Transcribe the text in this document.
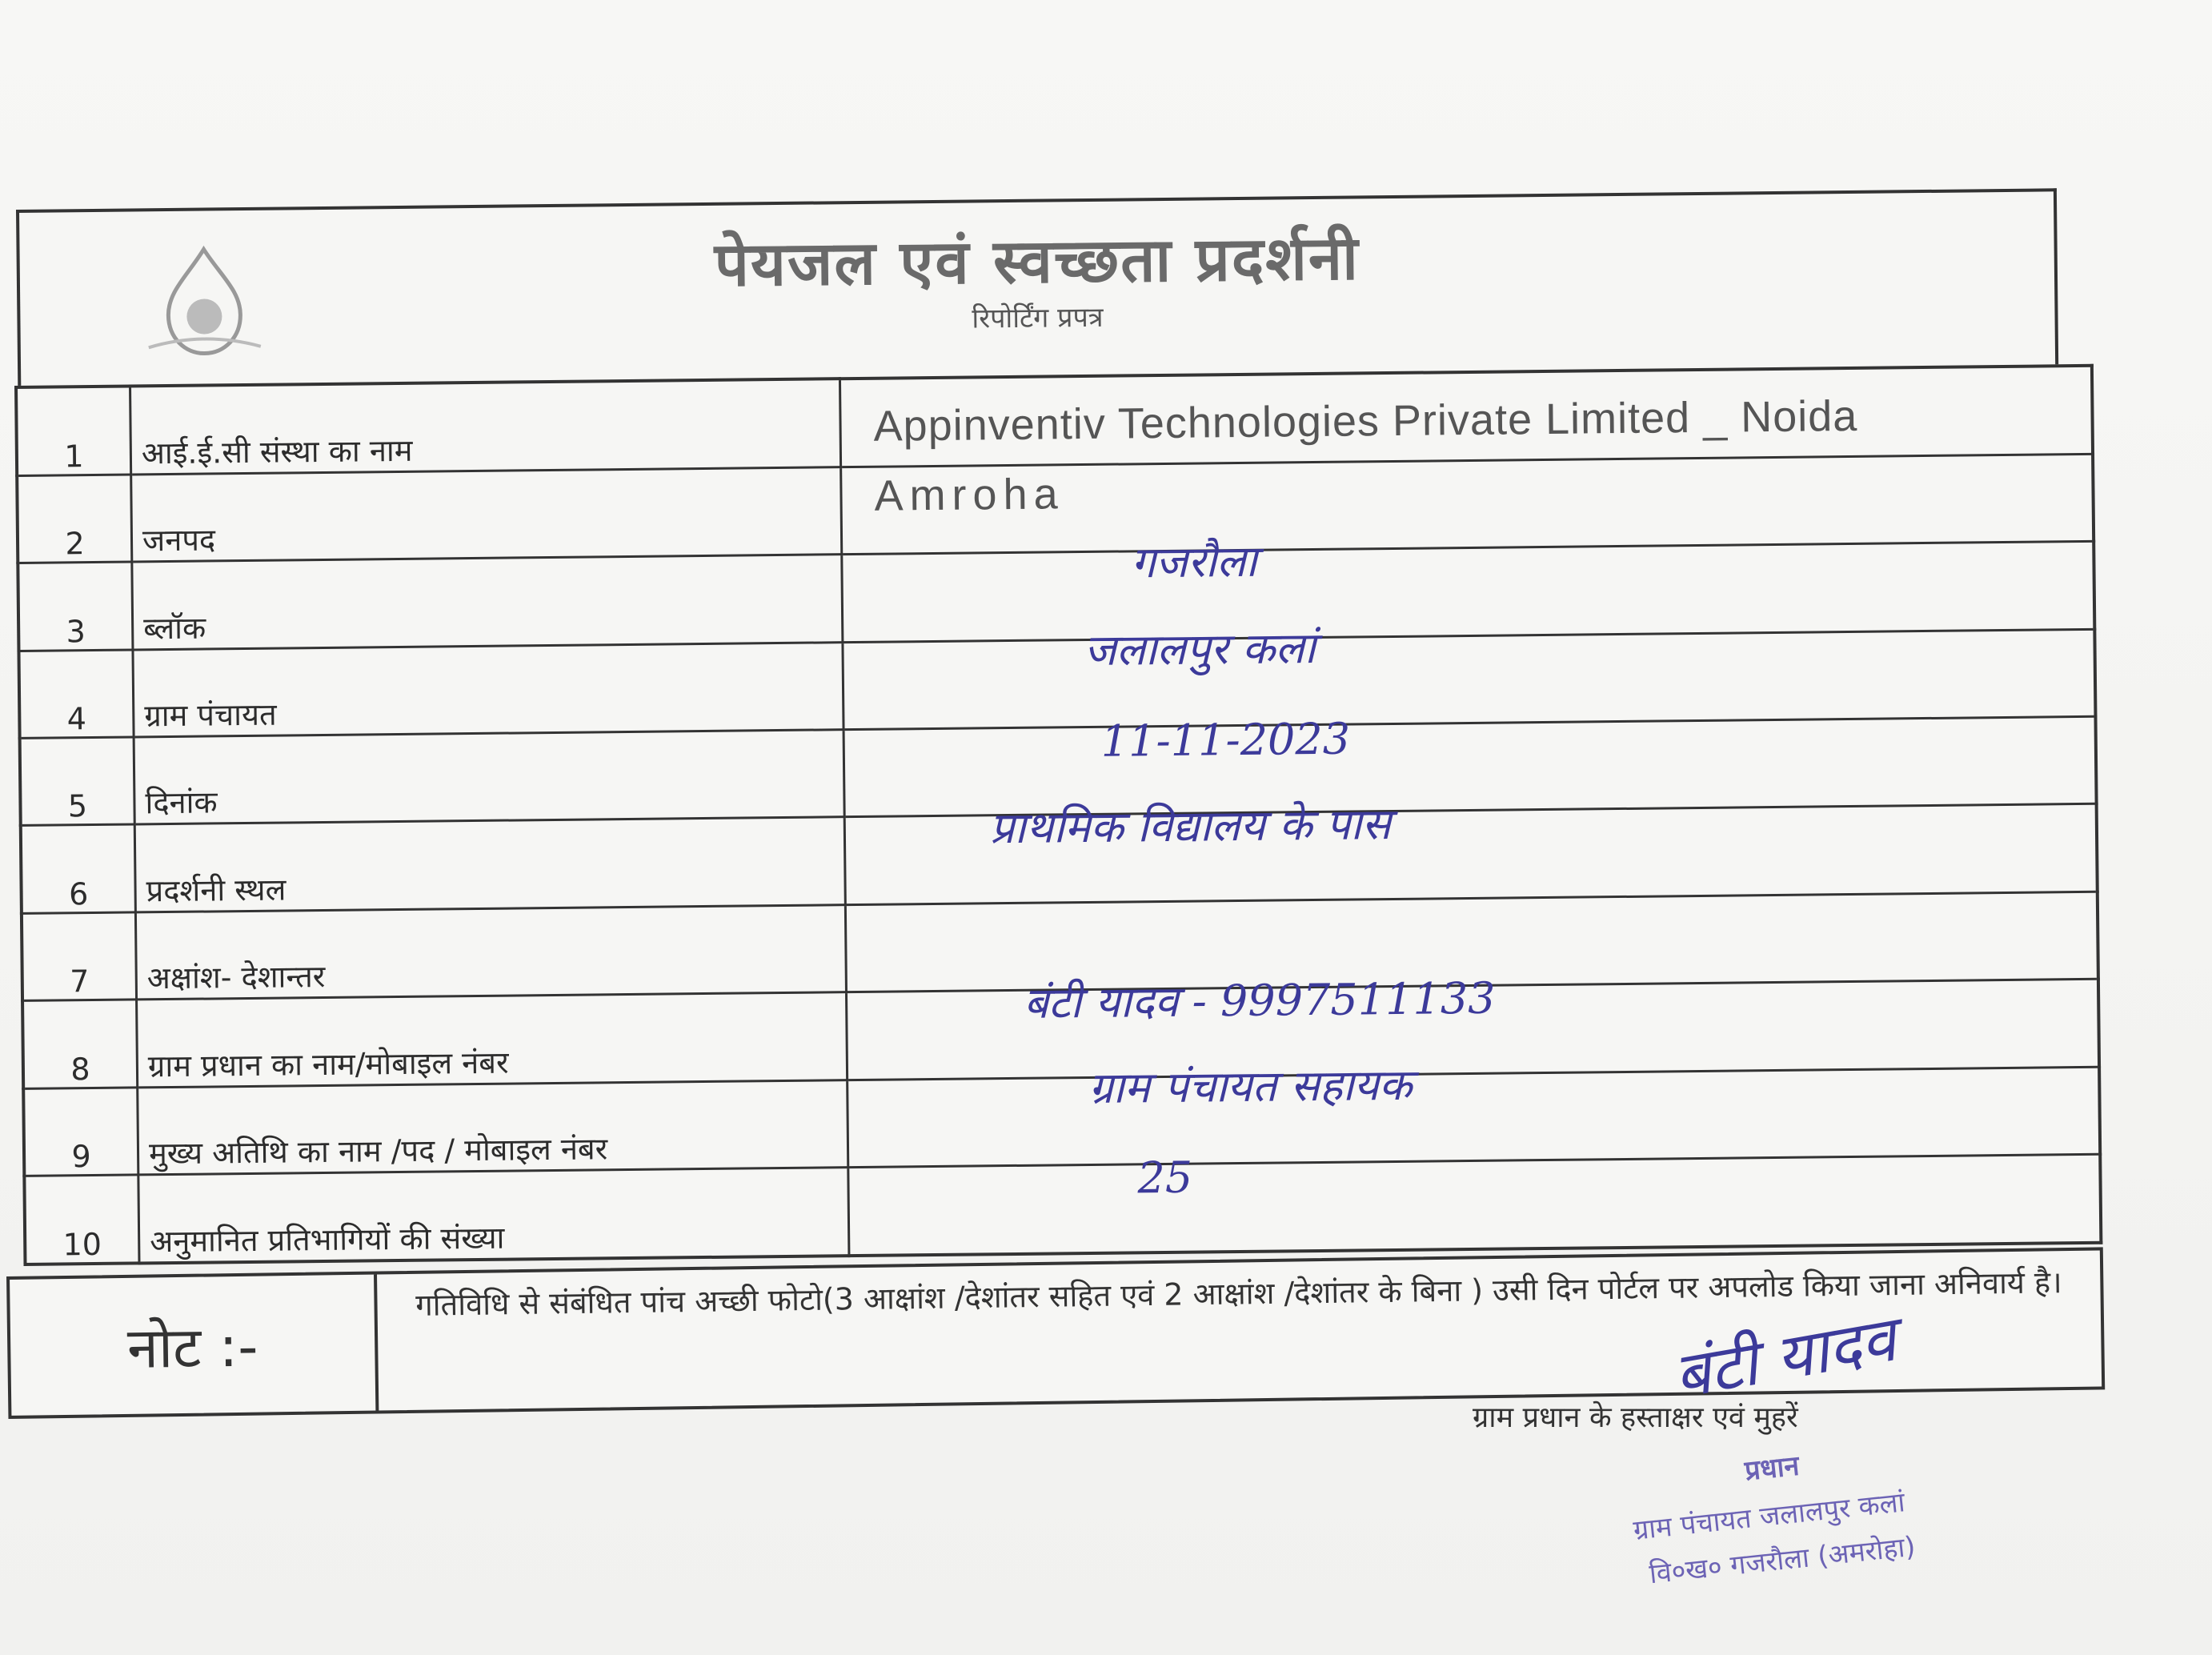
पेयजल एवं स्वच्छता प्रदर्शनी
रिपोर्टिंग प्रपत्र
1	आई.ई.सी संस्था का नाम	Appinventiv Technologies Private Limited _ Noida

2	जनपद	Amroha

3	ब्लॉक	गजरौला

4	ग्राम पंचायत	जलालपुर कलां

5	दिनांक	11-11-2023

6	प्रदर्शनी स्थल	प्राथमिक विद्यालय के पास

7	अक्षांश- देशान्तर	

8	ग्राम प्रधान का नाम/मोबाइल नंबर	बंटी यादव - 9997511133

9	मुख्य अतिथि का नाम /पद / मोबाइल नंबर	ग्राम पंचायत सहायक

10	अनुमानित प्रतिभागियों की संख्या	25
नोट :-
गतिविधि से संबंधित पांच अच्छी फोटो(3 आक्षांश /देशांतर सहित एवं 2 आक्षांश /देशांतर के बिना ) उसी दिन पोर्टल पर अपलोड किया जाना अनिवार्य है।
ग्राम प्रधान के हस्ताक्षर एवं मुहरें
बंटी यादव
प्रधान
ग्राम पंचायत जलालपुर कलां
वि०ख० गजरौला (अमरोहा)
